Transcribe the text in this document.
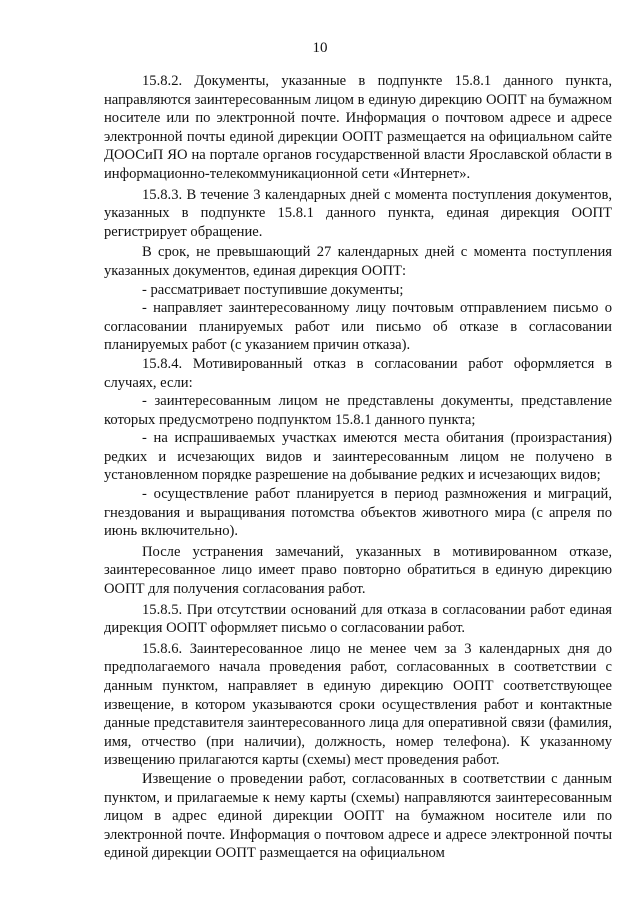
10

15.8.2. Документы, указанные в подпункте 15.8.1 данного пункта, направляются заинтересованным лицом в единую дирекцию ООПТ на бумажном носителе или по электронной почте. Информация о почтовом адресе и адресе электронной почты единой дирекции ООПТ размещается на официальном сайте ДООСиП ЯО на портале органов государственной власти Ярославской области в информационно-телекоммуникационной сети «Интернет».

15.8.3. В течение 3 календарных дней с момента поступления документов, указанных в подпункте 15.8.1 данного пункта, единая дирекция ООПТ регистрирует обращение.

В срок, не превышающий 27 календарных дней с момента поступления указанных документов, единая дирекция ООПТ:

- рассматривает поступившие документы;

- направляет заинтересованному лицу почтовым отправлением письмо о согласовании планируемых работ или письмо об отказе в согласовании планируемых работ (с указанием причин отказа).

15.8.4. Мотивированный отказ в согласовании работ оформляется в случаях, если:

- заинтересованным лицом не представлены документы, представление которых предусмотрено подпунктом 15.8.1 данного пункта;

- на испрашиваемых участках имеются места обитания (произрастания) редких и исчезающих видов и заинтересованным лицом не получено в установленном порядке разрешение на добывание редких и исчезающих видов;

- осуществление работ планируется в период размножения и миграций, гнездования и выращивания потомства объектов животного мира (с апреля по июнь включительно).

После устранения замечаний, указанных в мотивированном отказе, заинтересованное лицо имеет право повторно обратиться в единую дирекцию ООПТ для получения согласования работ.

15.8.5. При отсутствии оснований для отказа в согласовании работ единая дирекция ООПТ оформляет письмо о согласовании работ.

15.8.6. Заинтересованное лицо не менее чем за 3 календарных дня до предполагаемого начала проведения работ, согласованных в соответствии с данным пунктом, направляет в единую дирекцию ООПТ соответствующее извещение, в котором указываются сроки осуществления работ и контактные данные представителя заинтересованного лица для оперативной связи (фамилия, имя, отчество (при наличии), должность, номер телефона). К указанному извещению прилагаются карты (схемы) мест проведения работ.

Извещение о проведении работ, согласованных в соответствии с данным пунктом, и прилагаемые к нему карты (схемы) направляются заинтересованным лицом в адрес единой дирекции ООПТ на бумажном носителе или по электронной почте. Информация о почтовом адресе и адресе электронной почты единой дирекции ООПТ размещается на официальном
